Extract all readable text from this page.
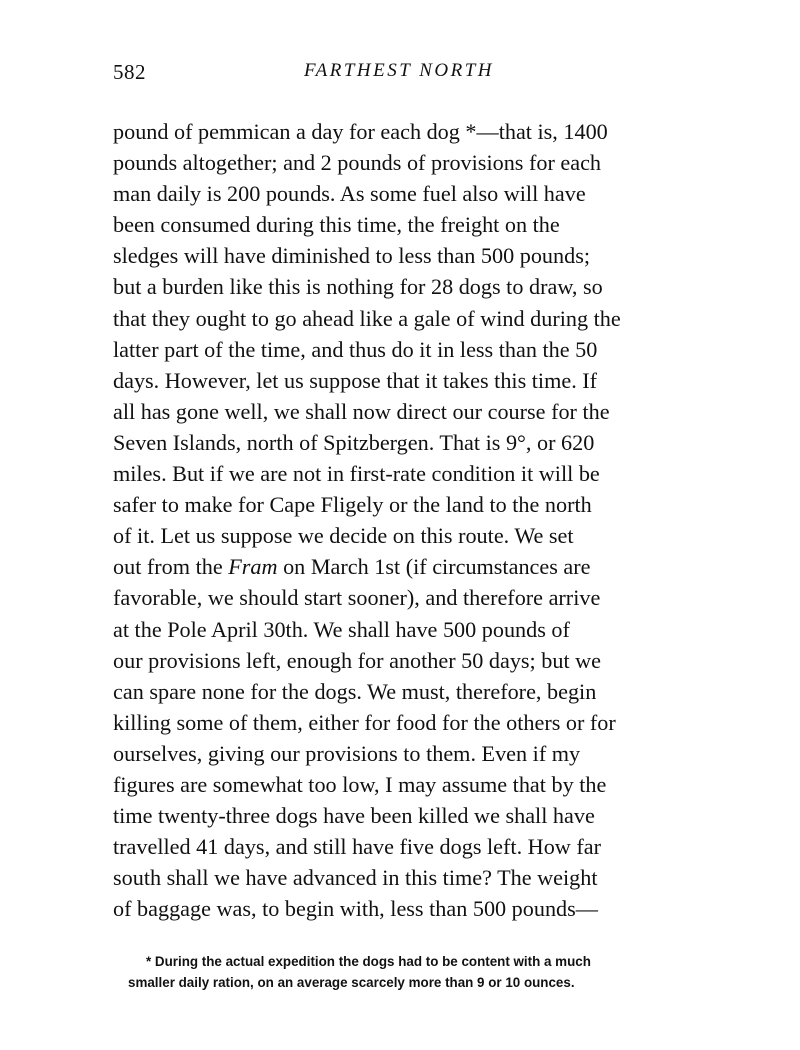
582	FARTHEST NORTH
pound of pemmican a day for each dog *—that is, 1400
pounds altogether; and 2 pounds of provisions for each
man daily is 200 pounds. As some fuel also will have
been consumed during this time, the freight on the
sledges will have diminished to less than 500 pounds;
but a burden like this is nothing for 28 dogs to draw, so
that they ought to go ahead like a gale of wind during the
latter part of the time, and thus do it in less than the 50
days. However, let us suppose that it takes this time. If
all has gone well, we shall now direct our course for the
Seven Islands, north of Spitzbergen. That is 9°, or 620
miles. But if we are not in first-rate condition it will be
safer to make for Cape Fligely or the land to the north
of it. Let us suppose we decide on this route. We set
out from the Fram on March 1st (if circumstances are
favorable, we should start sooner), and therefore arrive
at the Pole April 30th. We shall have 500 pounds of
our provisions left, enough for another 50 days; but we
can spare none for the dogs. We must, therefore, begin
killing some of them, either for food for the others or for
ourselves, giving our provisions to them. Even if my
figures are somewhat too low, I may assume that by the
time twenty-three dogs have been killed we shall have
travelled 41 days, and still have five dogs left. How far
south shall we have advanced in this time? The weight
of baggage was, to begin with, less than 500 pounds—
* During the actual expedition the dogs had to be content with a much
smaller daily ration, on an average scarcely more than 9 or 10 ounces.
